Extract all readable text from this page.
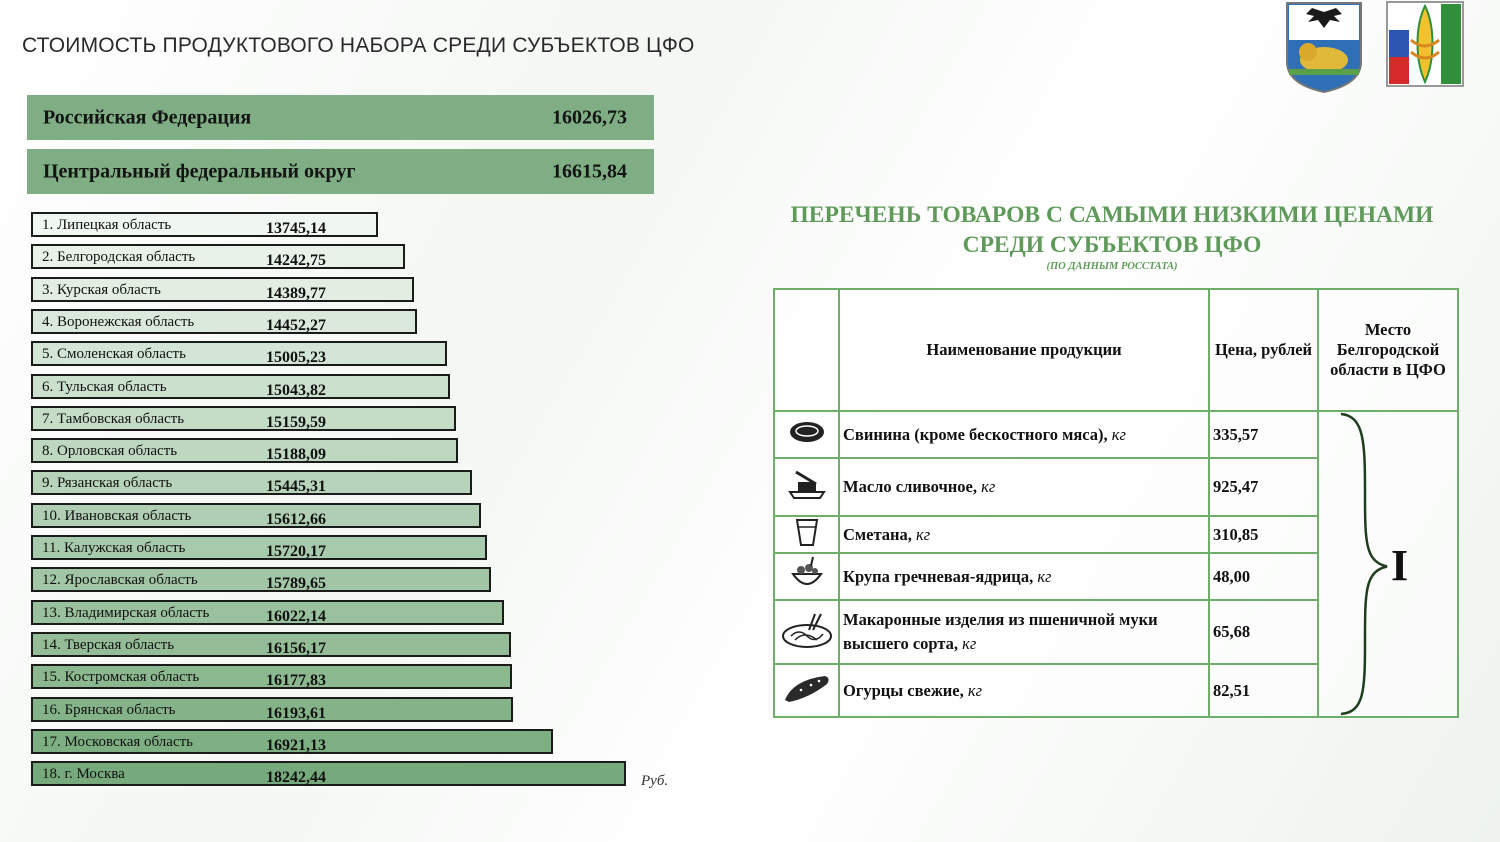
СТОИМОСТЬ ПРОДУКТОВОГО НАБОРА СРЕДИ СУБЪЕКТОВ ЦФО
Российская Федерация	16026,73
Центральный федеральный округ	16615,84
1. Липецкая область	13745,14
2. Белгородская область	14242,75
3. Курская область	14389,77
4. Воронежская область	14452,27
5. Смоленская область	15005,23
6. Тульская область	15043,82
7. Тамбовская область	15159,59
8. Орловская область	15188,09
9. Рязанская область	15445,31
10. Ивановская область	15612,66
11. Калужская область	15720,17
12. Ярославская область	15789,65
13. Владимирская область	16022,14
14. Тверская область	16156,17
15. Костромская область	16177,83
16. Брянская область	16193,61
17. Московская область	16921,13
18. г. Москва	18242,44	Руб.
ПЕРЕЧЕНЬ ТОВАРОВ С САМЫМИ НИЗКИМИ ЦЕНАМИ
СРЕДИ СУБЪЕКТОВ ЦФО
(ПО ДАННЫМ РОССТАТА)
	Наименование продукции	Цена, рублей	Место Белгородской области в ЦФО
	Свинина (кроме бескостного мяса), кг	335,57	I

	Масло сливочное, кг	925,47	
	Сметана, кг	310,85	
	Крупа гречневая-ядрица, кг	48,00	
	Макаронные изделия из пшеничной муки высшего сорта, кг	65,68	
	Огурцы свежие, кг	82,51	
